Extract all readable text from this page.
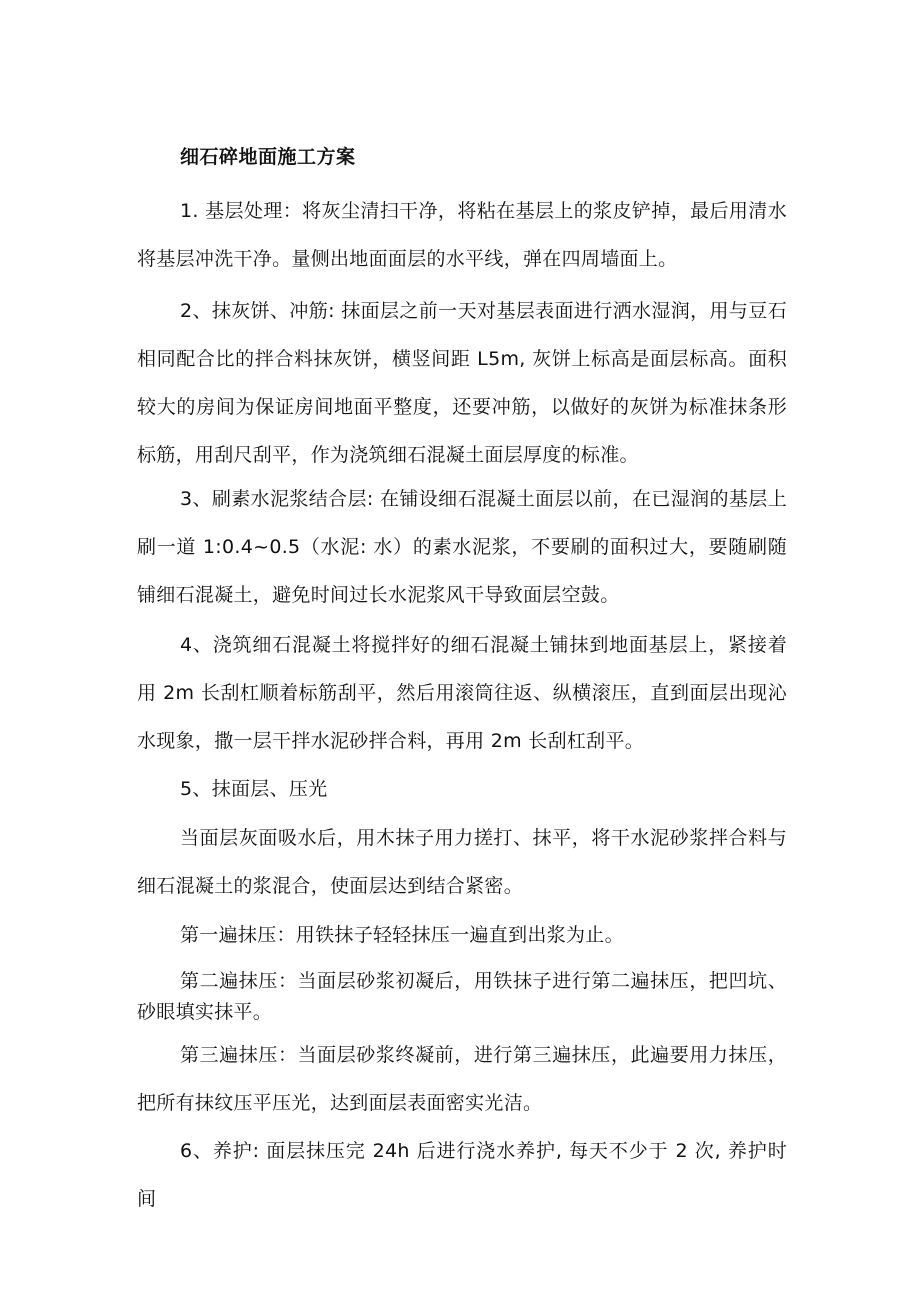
细石碎地面施工方案
1. 基层处理：将灰尘清扫干净，将粘在基层上的浆皮铲掉，最后用清水将基层冲洗干净。量侧出地面面层的水平线，弹在四周墙面上。
2、抹灰饼、冲筋: 抹面层之前一天对基层表面进行洒水湿润，用与豆石相同配合比的拌合料抹灰饼，横竖间距 L5m, 灰饼上标高是面层标高。面积较大的房间为保证房间地面平整度，还要冲筋，以做好的灰饼为标准抹条形标筋，用刮尺刮平，作为浇筑细石混凝土面层厚度的标准。
3、刷素水泥浆结合层: 在铺设细石混凝土面层以前，在已湿润的基层上刷一道 1:0.4~0.5（水泥: 水）的素水泥浆，不要刷的面积过大，要随刷随铺细石混凝土，避免时间过长水泥浆风干导致面层空鼓。
4、浇筑细石混凝土将搅拌好的细石混凝土铺抹到地面基层上，紧接着用 2m 长刮杠顺着标筋刮平，然后用滚筒往返、纵横滚压，直到面层出现沁水现象，撒一层干拌水泥砂拌合料，再用 2m 长刮杠刮平。
5、抹面层、压光
当面层灰面吸水后，用木抹子用力搓打、抹平，将干水泥砂浆拌合料与细石混凝土的浆混合，使面层达到结合紧密。
第一遍抹压：用铁抹子轻轻抹压一遍直到出浆为止。
第二遍抹压：当面层砂浆初凝后，用铁抹子进行第二遍抹压，把凹坑、砂眼填实抹平。
第三遍抹压：当面层砂浆终凝前，进行第三遍抹压，此遍要用力抹压，把所有抹纹压平压光，达到面层表面密实光洁。
6、养护: 面层抹压完 24h 后进行浇水养护, 每天不少于 2 次, 养护时间
